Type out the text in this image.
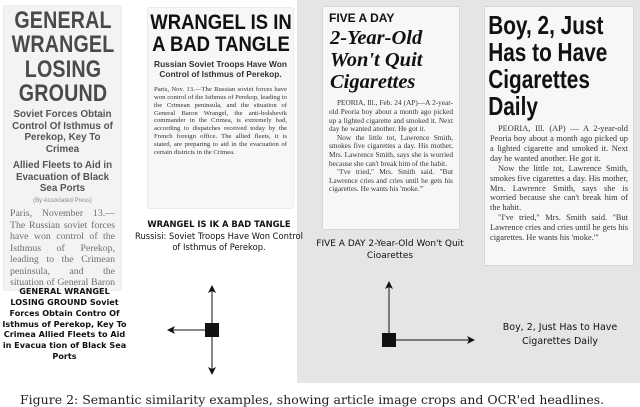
GENERAL WRANGEL LOSING GROUND
Soviet Forces Obtain Control Of Isthmus of Perekop, Key To Crimea
Allied Fleets to Aid in Evacuation of Black Sea Ports
(By Associated Press)
Paris, November 13.—The Russian soviet forces have won control of the Isthmus of Perekop, leading to the Crimean peninsula, and the situation of General Baron
WRANGEL IS IN A BAD TANGLE
Russian Soviet Troops Have Won Control of Isthmus of Perekop.
Paris, Nov. 13.—The Russian soviet forces have won control of the Isthmus of Perekop, leading to the Crimean peninsula, and the situation of General Baron Wrangel, the anti-bolshevik commander in the Crimea, is extremely bad, according to dispatches received today by the French foreign office. The allied fleets, it is stated, are preparing to aid in the evacuation of certain districts in the Crimea.
FIVE A DAY
2-Year-Old Won't Quit Cigarettes

PEORIA, Ill., Feb. 24 (AP)—A 2-year-old Peoria boy about a month ago picked up a lighted cigarette and smoked it. Next day he wanted another. He got it.

Now the little tot, Lawrence Smith, smokes five cigarettes a day. His mother, Mrs. Lawrence Smith, says she is worried because she can't break him of the habit.

"I've tried," Mrs. Smith said. "But Lawrence cries and cries until he gets his cigarettes. He wants his 'moke.'"

Boy, 2, Just Has to Have Cigarettes Daily

PEORIA, Ill. (AP) — A 2-year-old Peoria boy about a month ago picked up a lighted cigarette and smoked it. Next day he wanted another. He got it.

Now the little tot, Lawrence Smith, smokes five cigarettes a day. His mother, Mrs. Lawrence Smith, says she is worried because she can't break him of the habit.

"I've tried," Mrs. Smith said. "But Lawrence cries and cries until he gets his cigarettes. He wants his 'moke.'"

GENERAL WRANGEL LOSING GROUND Soviet Forces Obtain Contro Of Isthmus of Perekop, Key To Crimea Allied Fleets to Aid in Evacua tion of Black Sea Ports
WRANGEL IS IK A BAD TANGLE
Russisi: Soviet Troops Have Won Control of Isthmus of Perekop.	FIVE A DAY 2-Year-Old Won't Quit Cioarettes
Boy, 2, Just Has to Have Cigarettes Daily
Figure 2: Semantic similarity examples, showing article image crops and OCR'ed headlines.
